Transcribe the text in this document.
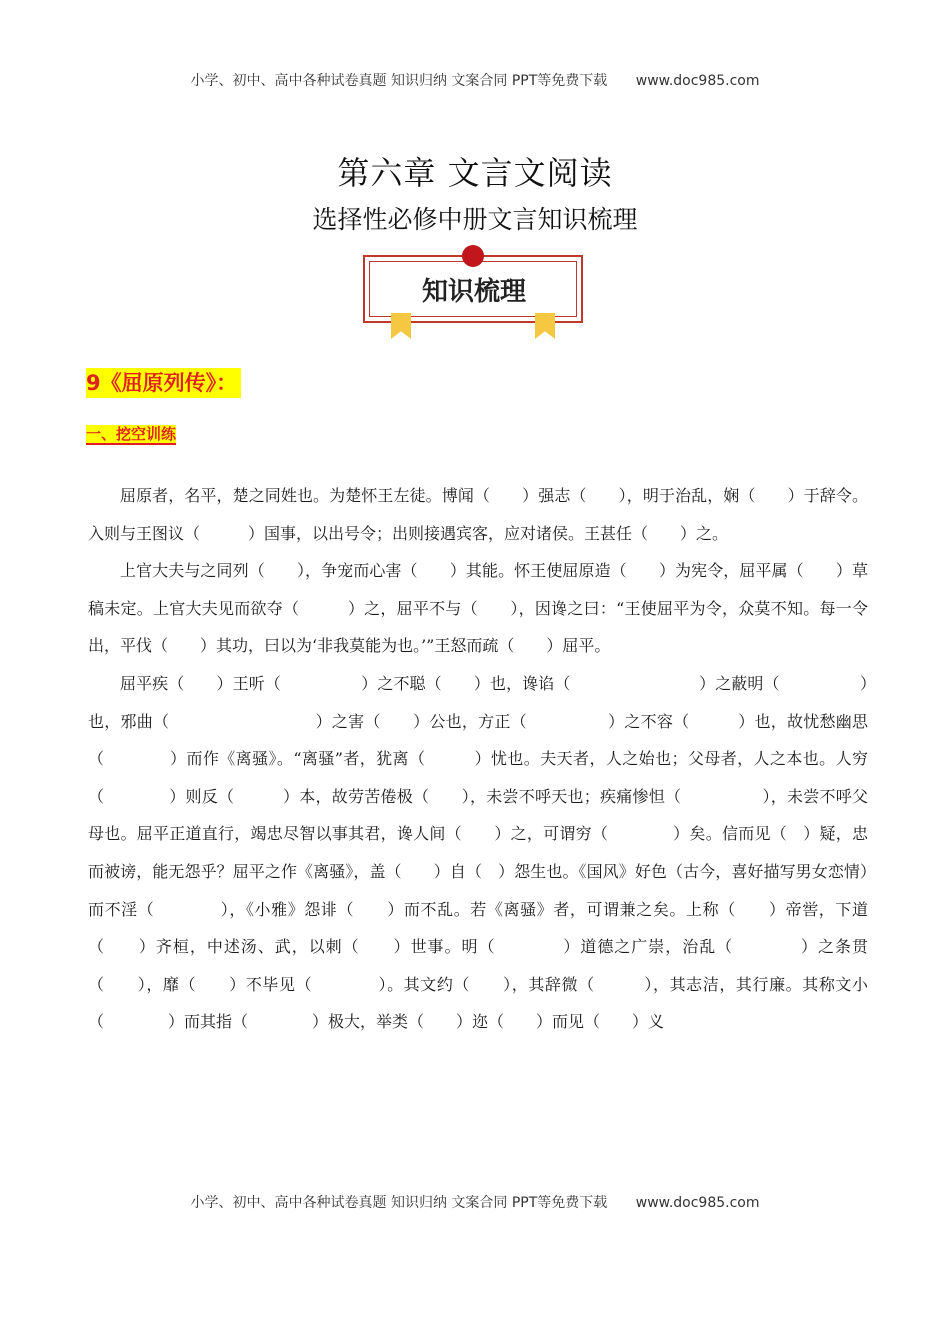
小学、初中、高中各种试卷真题 知识归纳 文案合同 PPT等免费下载 www.doc985.com
第六章 文言文阅读
选择性必修中册文言知识梳理
知识梳理
9《屈原列传》：
一、挖空训练

屈原者，名平，楚之同姓也。为楚怀王左徒。博闻（　　）强志（　　），明于治乱，娴（　　）于辞令。入则与王图议（　　　）国事，以出号令；出则接遇宾客，应对诸侯。王甚任（　　）之。

上官大夫与之同列（　　），争宠而心害（　　）其能。怀王使屈原造（　　）为宪令，屈平属（　　）草稿未定。上官大夫见而欲夺（　　　）之，屈平不与（　　），因谗之曰：“王使屈平为令，众莫不知。每一令出，平伐（　　）其功，曰以为‘非我莫能为也。’”王怒而疏（　　）屈平。

屈平疾（　　）王听（　　　　　）之不聪（　　）也，谗谄（　　　　　　　　）之蔽明（　　　　　）也，邪曲（　　　　　　　　　）之害（　　）公也，方正（　　　　　）之不容（　　　）也，故忧愁幽思（　　　　）而作《离骚》。“离骚”者，犹离（　　　）忧也。夫天者，人之始也；父母者，人之本也。人穷（　　　　）则反（　　　）本，故劳苦倦极（　　），未尝不呼天也；疾痛惨怛（　　　　　），未尝不呼父母也。屈平正道直行，竭忠尽智以事其君，谗人间（　　）之，可谓穷（　　　　）矣。信而见（　）疑，忠而被谤，能无怨乎？屈平之作《离骚》，盖（　　）自（　）怨生也。《国风》好色（古今，喜好描写男女恋情）而不淫（　　　　），《小雅》怨诽（　　）而不乱。若《离骚》者，可谓兼之矣。上称（　　）帝喾，下道（　　）齐桓，中述汤、武，以刺（　　）世事。明（　　　　）道德之广崇，治乱（　　　　）之条贯（　　），靡（　　）不毕见（　　　　）。其文约（　　），其辞微（　　　），其志洁，其行廉。其称文小（　　　　）而其指（　　　　）极大，举类（　　）迩（　　）而见（　　）义

小学、初中、高中各种试卷真题 知识归纳 文案合同 PPT等免费下载 www.doc985.com
